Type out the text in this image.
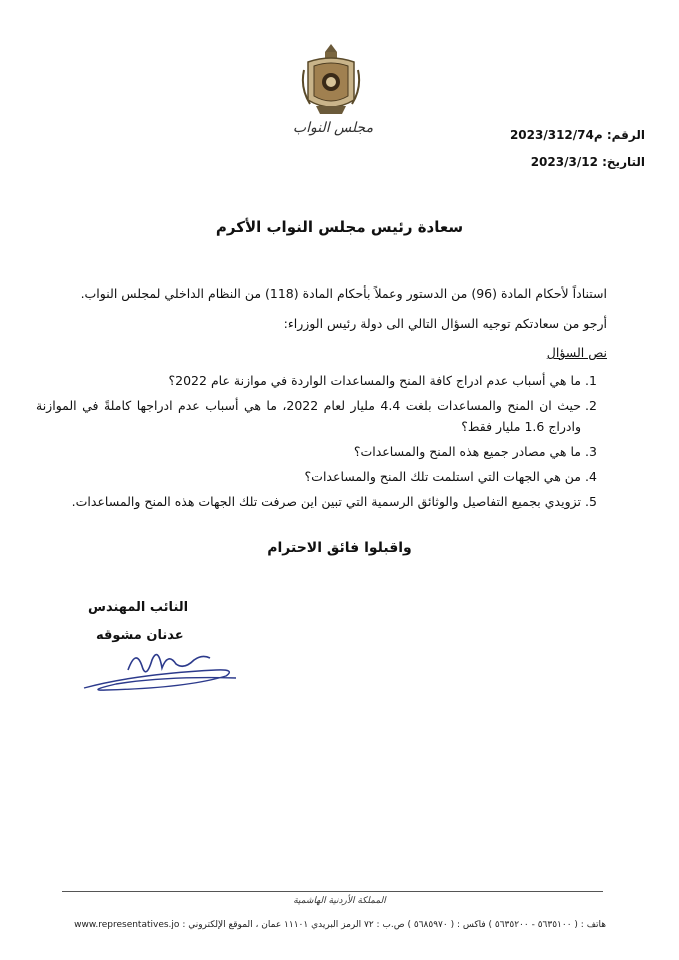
مجلس النواب	الرقم: م2023/312/74
التاريخ: 2023/3/12
سعادة رئيس مجلس النواب الأكرم
استناداً لأحكام المادة (96) من الدستور وعملاً بأحكام المادة (118) من النظام الداخلي لمجلس النواب.
أرجو من سعادتكم توجيه السؤال التالي الى دولة رئيس الوزراء:
نص السؤال
1. ما هي أسباب عدم ادراج كافة المنح والمساعدات الواردة في موازنة عام 2022؟
2. حيث ان المنح والمساعدات بلغت 4.4 مليار لعام 2022، ما هي أسباب عدم ادراجها كاملةً في الموازنة وادراج 1.6 مليار فقط؟
3. ما هي مصادر جميع هذه المنح والمساعدات؟
4. من هي الجهات التي استلمت تلك المنح والمساعدات؟
5. تزويدي بجميع التفاصيل والوثائق الرسمية التي تبين اين صرفت تلك الجهات هذه المنح والمساعدات.
واقبلوا فائق الاحترام
النائب المهندس
عدنان مشوقه
المملكة الأردنية الهاشمية
هاتف : ( ٥٦٣٥١٠٠ - ٥٦٣٥٢٠٠ ) فاكس : ( ٥٦٨٥٩٧٠ ) ص.ب : ٧٢ الرمز البريدي ١١١٠١ عمان ، الموقع الإلكتروني : www.representatives.jo
